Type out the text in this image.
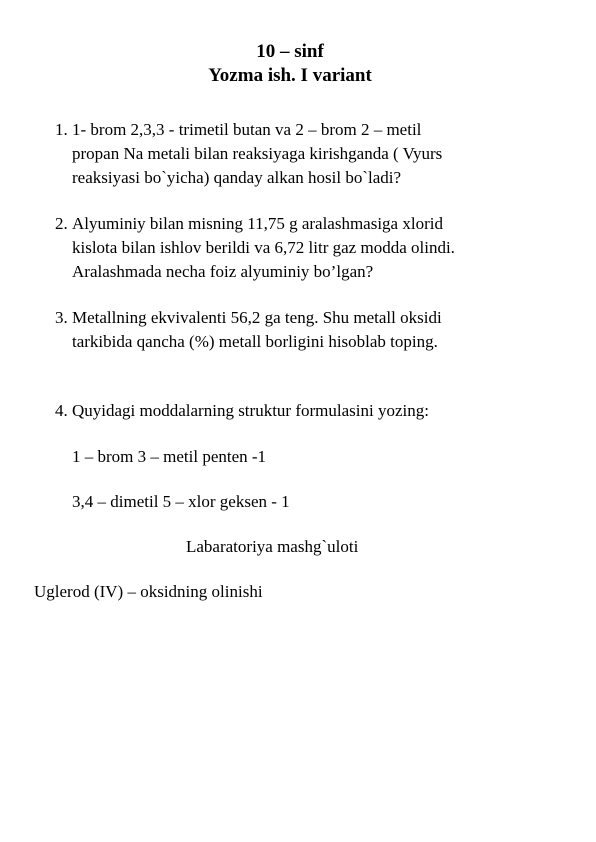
10 – sinf

Yozma ish. I variant

1. 1- brom 2,3,3 - trimetil butan va 2 – brom 2 – metil
propan Na metali bilan reaksiyaga kirishganda ( Vyurs
reaksiyasi bo`yicha) qanday alkan hosil bo`ladi?
2. Alyuminiy bilan misning 11,75 g aralashmasiga xlorid
kislota bilan ishlov berildi va 6,72 litr gaz modda olindi.
Aralashmada necha foiz alyuminiy bo’lgan?
3. Metallning ekvivalenti 56,2 ga teng. Shu metall oksidi
tarkibida qancha (%) metall borligini hisoblab toping.
4. Quyidagi moddalarning struktur formulasini yozing:
1 – brom 3 – metil penten -1
3,4 – dimetil 5 – xlor geksen - 1
Labaratoriya mashg`uloti
Uglerod (IV) – oksidning olinishi
